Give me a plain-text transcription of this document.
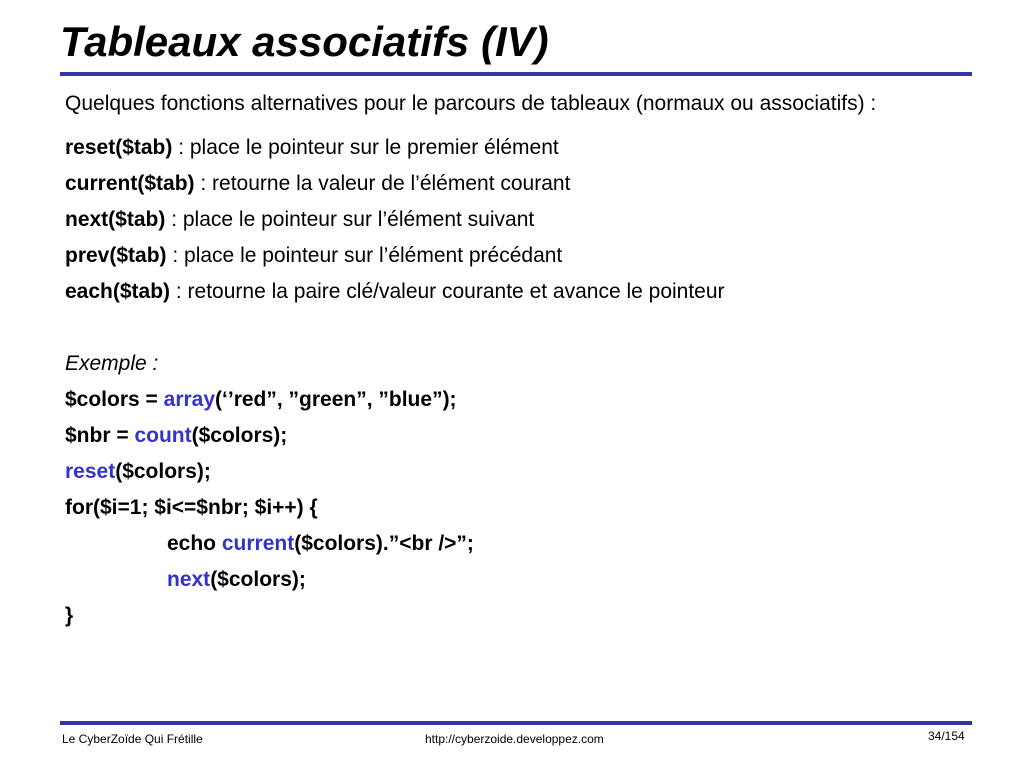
Tableaux associatifs (IV)
Quelques fonctions alternatives pour le parcours de tableaux (normaux ou associatifs) :
reset($tab) : place le pointeur sur le premier élément
current($tab) : retourne la valeur de l’élément courant
next($tab) : place le pointeur sur l’élément suivant
prev($tab) : place le pointeur sur l’élément précédant
each($tab) : retourne la paire clé/valeur courante et avance le pointeur
Exemple :
$colors = array(‘’red”, ”green”, ”blue”);
$nbr = count($colors);
reset($colors);
for($i=1; $i<=$nbr; $i++) {
echo current($colors).”<br />”;
next($colors);
}
Le CyberZoïde Qui Frétille	http://cyberzoide.developpez.com	34/154
